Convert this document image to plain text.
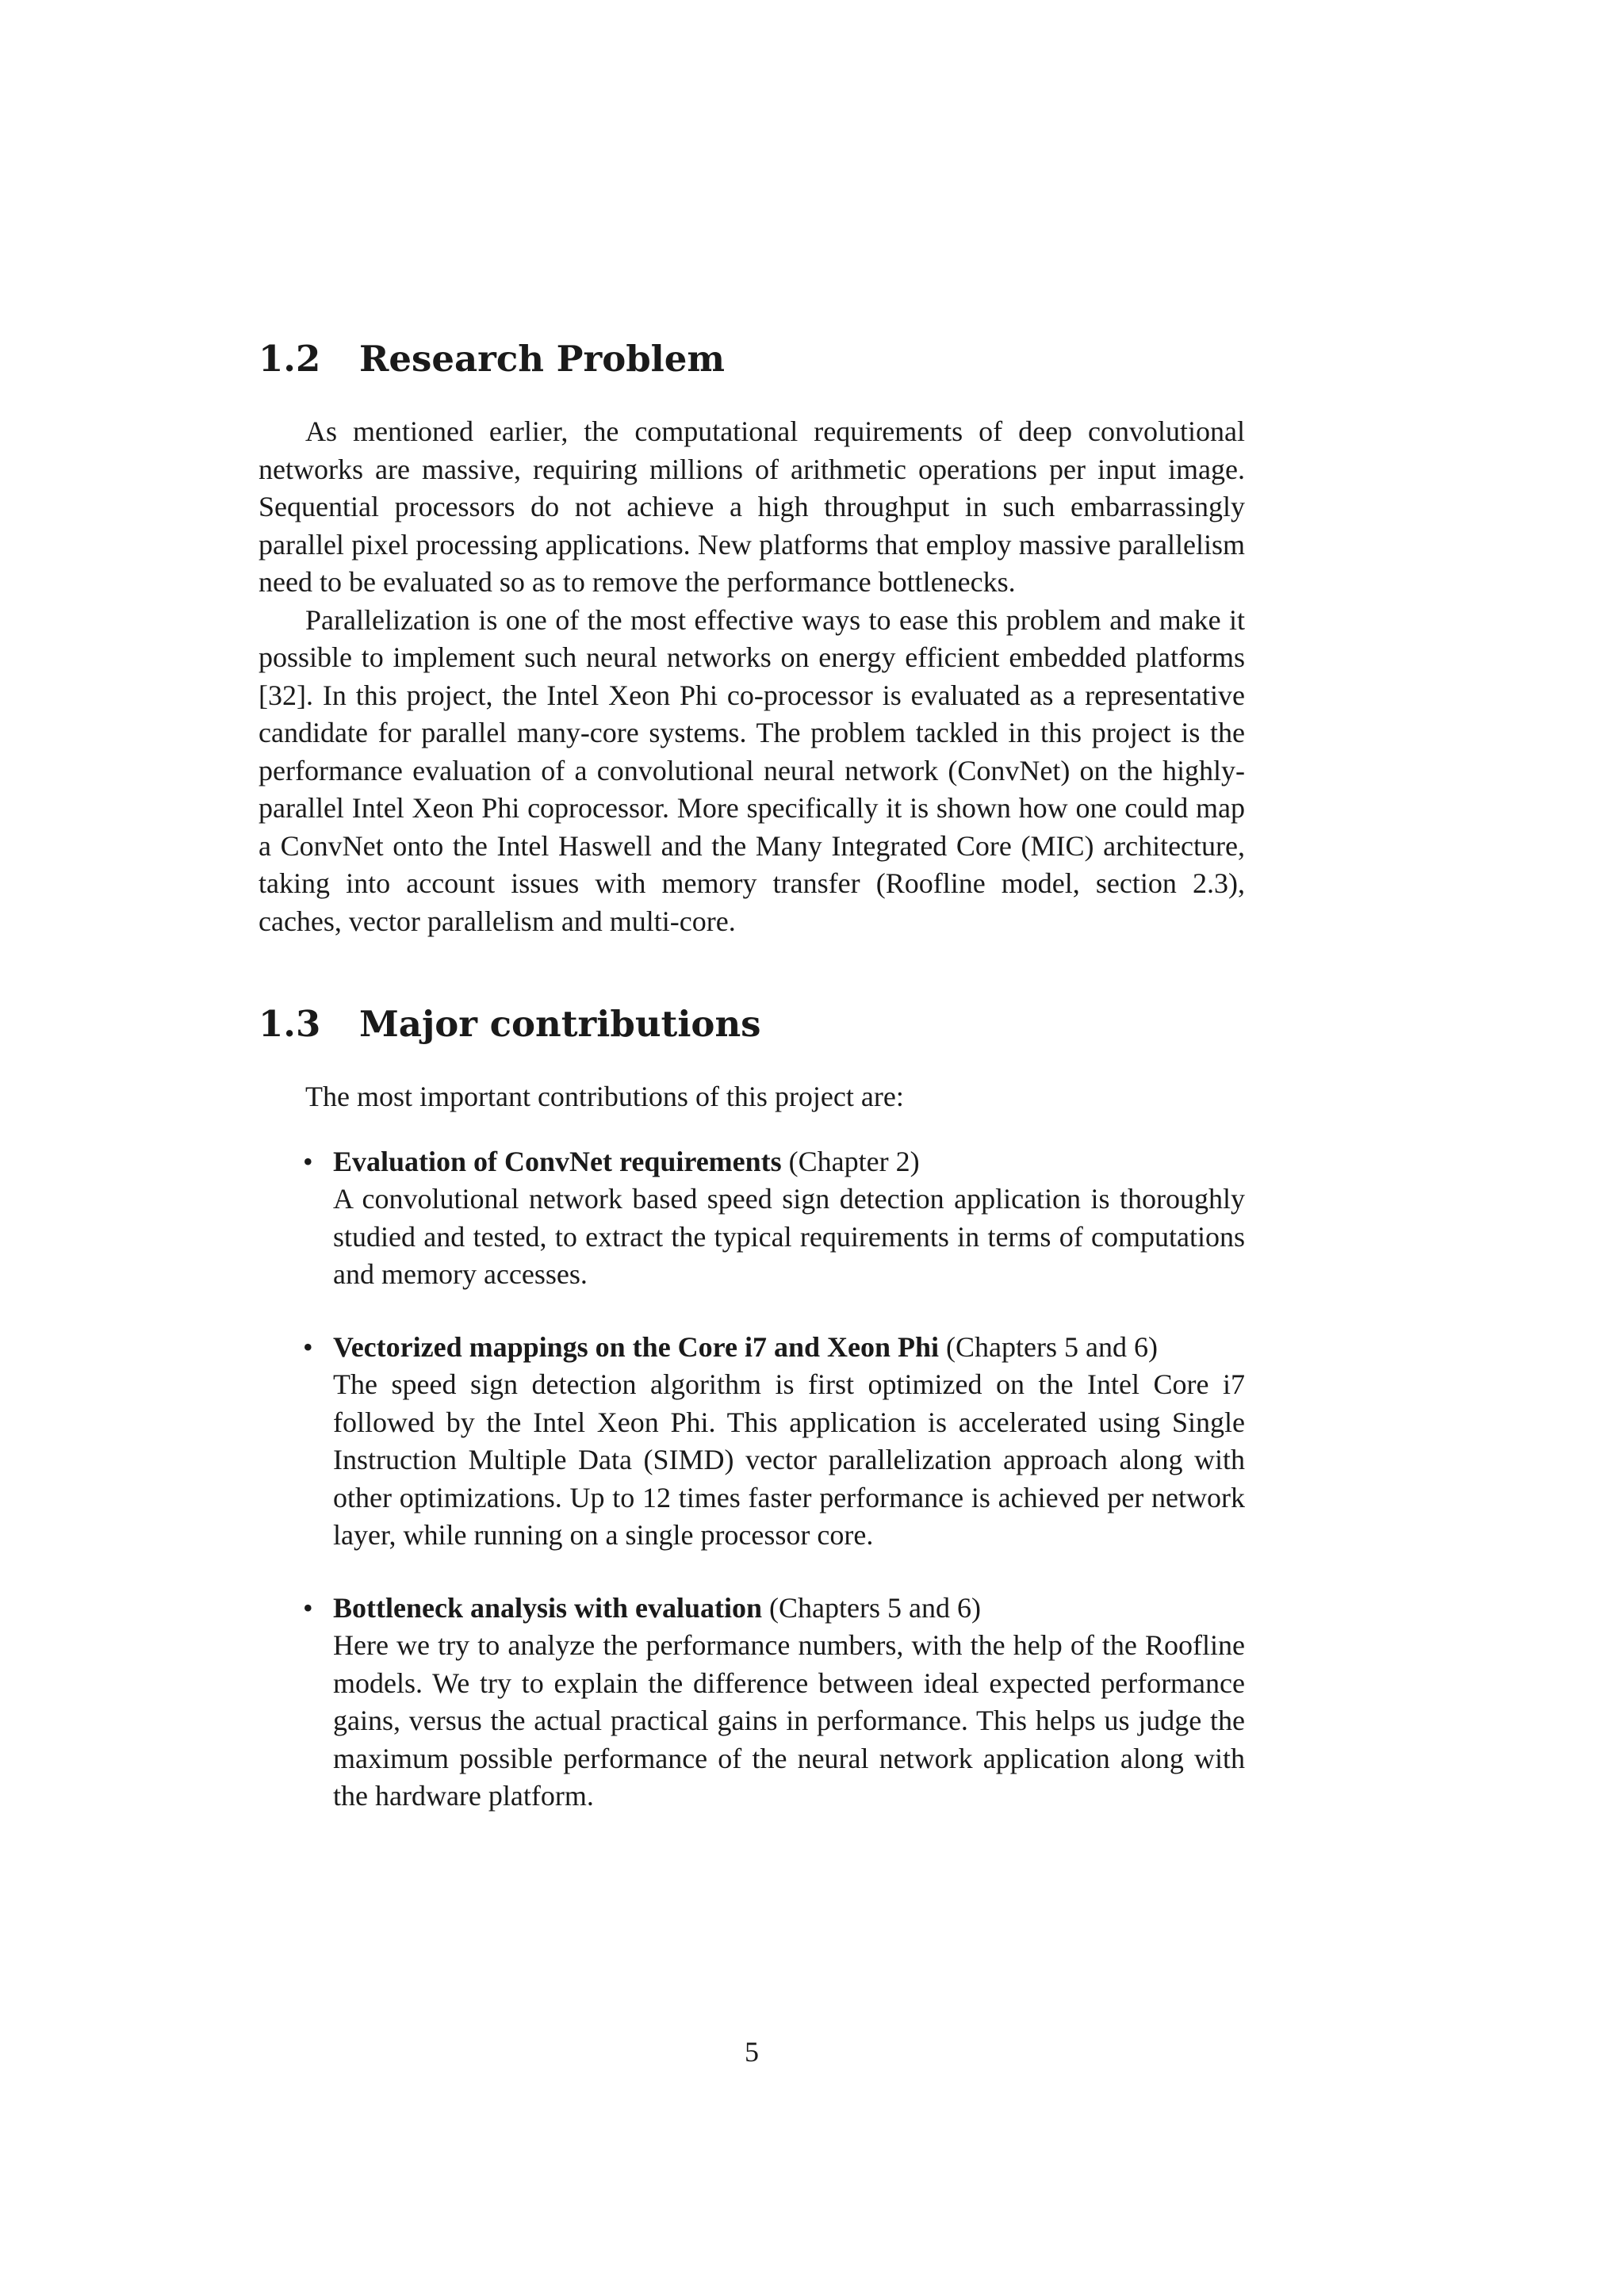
1.2	Research Problem

As mentioned earlier, the computational requirements of deep convolutional networks are massive, requiring millions of arithmetic operations per input image. Sequential processors do not achieve a high throughput in such embarrassingly parallel pixel processing applications. New platforms that employ massive parallelism need to be evaluated so as to remove the performance bottlenecks.

Parallelization is one of the most effective ways to ease this problem and make it possible to implement such neural networks on energy efficient embedded platforms [32]. In this project, the Intel Xeon Phi co-processor is evaluated as a representative candidate for parallel many-core systems. The problem tackled in this project is the performance evaluation of a convolutional neural network (ConvNet) on the highly-parallel Intel Xeon Phi coprocessor. More specifically it is shown how one could map a ConvNet onto the Intel Haswell and the Many Integrated Core (MIC) architecture, taking into account issues with memory transfer (Roofline model, section 2.3), caches, vector parallelism and multi-core.

1.3	Major contributions

The most important contributions of this project are:

• Evaluation of ConvNet requirements (Chapter 2)
A convolutional network based speed sign detection application is thoroughly studied and tested, to extract the typical requirements in terms of computations and memory accesses.
• Vectorized mappings on the Core i7 and Xeon Phi (Chapters 5 and 6)
The speed sign detection algorithm is first optimized on the Intel Core i7 followed by the Intel Xeon Phi. This application is accelerated using Single Instruction Multiple Data (SIMD) vector parallelization approach along with other optimizations. Up to 12 times faster performance is achieved per network layer, while running on a single processor core.
• Bottleneck analysis with evaluation (Chapters 5 and 6)
Here we try to analyze the performance numbers, with the help of the Roofline models. We try to explain the difference between ideal expected performance gains, versus the actual practical gains in performance. This helps us judge the maximum possible performance of the neural network application along with the hardware platform.
5
